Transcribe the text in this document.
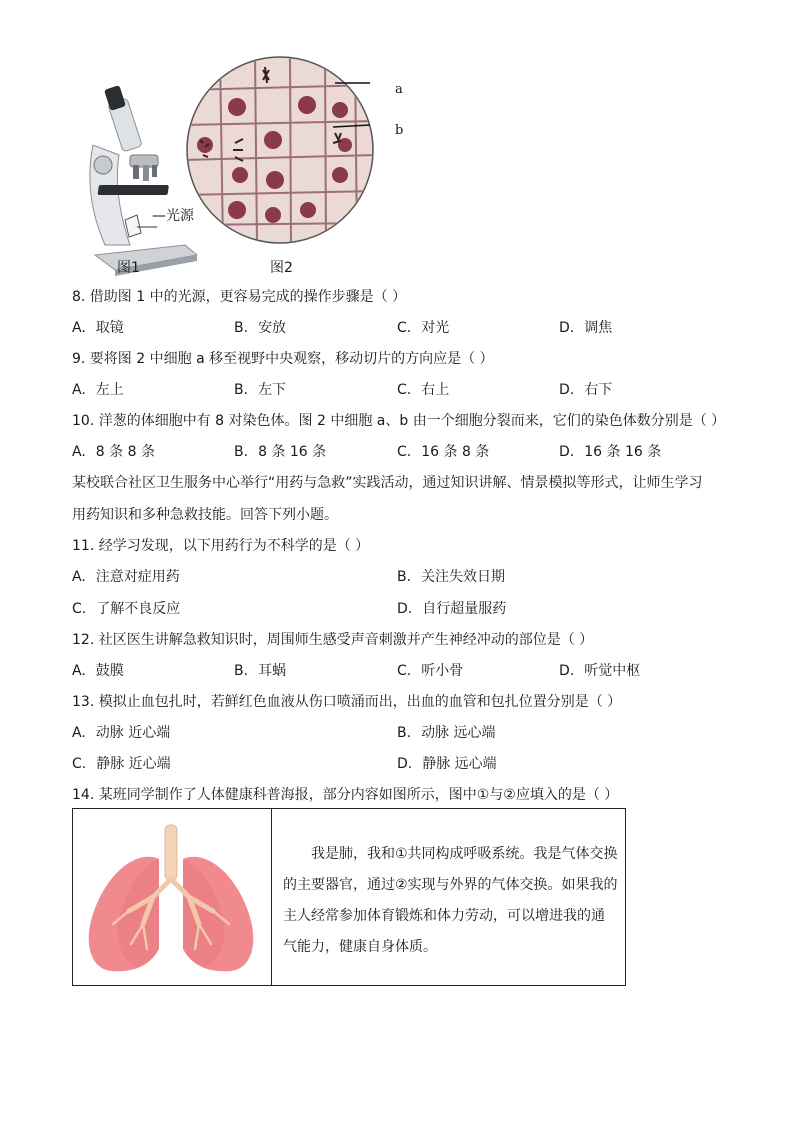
—光源
a
b
图1	图2
8. 借助图 1 中的光源，更容易完成的操作步骤是（ ）
A. 取镜	B. 安放	C. 对光	D. 调焦
9. 要将图 2 中细胞 a 移至视野中央观察，移动切片的方向应是（ ）
A. 左上	B. 左下	C. 右上	D. 右下
10. 洋葱的体细胞中有 8 对染色体。图 2 中细胞 a、b 由一个细胞分裂而来，它们的染色体数分别是（ ）
A. 8 条 8 条	B. 8 条 16 条	C. 16 条 8 条	D. 16 条 16 条
某校联合社区卫生服务中心举行“用药与急救”实践活动，通过知识讲解、情景模拟等形式，让师生学习
用药知识和多种急救技能。回答下列小题。
11. 经学习发现，以下用药行为不科学的是（ ）
A. 注意对症用药	B. 关注失效日期
C. 了解不良反应	D. 自行超量服药
12. 社区医生讲解急救知识时，周围师生感受声音刺激并产生神经冲动的部位是（ ）
A. 鼓膜	B. 耳蜗	C. 听小骨	D. 听觉中枢
13. 模拟止血包扎时，若鲜红色血液从伤口喷涌而出，出血的血管和包扎位置分别是（ ）
A. 动脉 近心端	B. 动脉 远心端
C. 静脉 近心端	D. 静脉 远心端
14. 某班同学制作了人体健康科普海报，部分内容如图所示，图中①与②应填入的是（ ）
我是肺，我和①共同构成呼吸系统。我是气体交换的主要器官，通过②实现与外界的气体交换。如果我的主人经常参加体育锻炼和体力劳动，可以增进我的通气能力，健康自身体质。
